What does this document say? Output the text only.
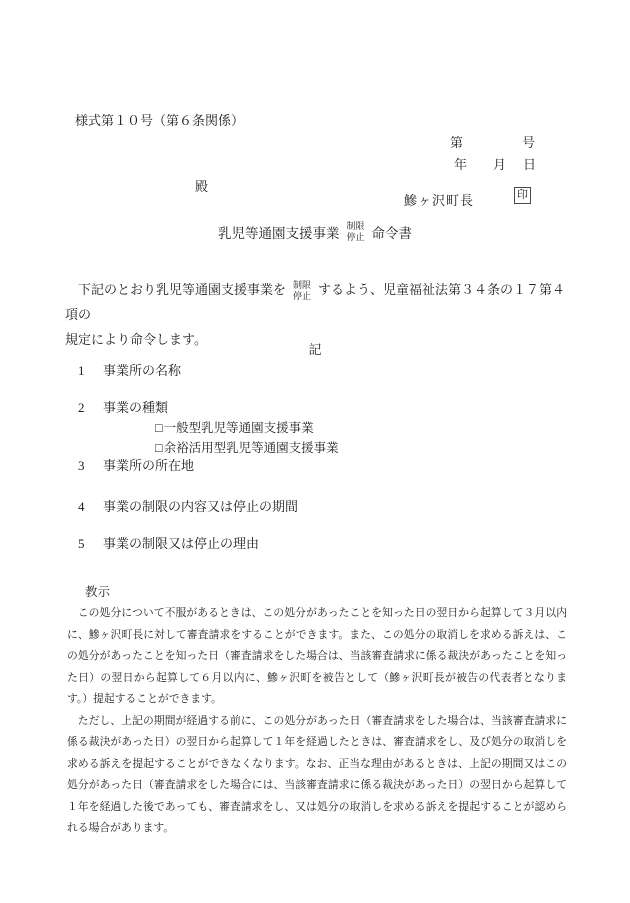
様式第１０号（第６条関係）
第	号
年 月 日
殿
鰺ヶ沢町長	印
乳児等通園支援事業
制限
停止 命令書
下記のとおり乳児等通園支援事業を 制限
停止 するよう、児童福祉法第３４条の１７第４項の
規定により命令します。
記
1 事業所の名称
2 事業の種類
□一般型乳児等通園支援事業
□余裕活用型乳児等通園支援事業
3 事業所の所在地
4 事業の制限の内容又は停止の期間
5 事業の制限又は停止の理由
教示

この処分について不服があるときは、この処分があったことを知った日の翌日から起算して３月以内に、鰺ヶ沢町長に対して審査請求をすることができます。また、この処分の取消しを求める訴えは、この処分があったことを知った日（審査請求をした場合は、当該審査請求に係る裁決があったことを知った日）の翌日から起算して６月以内に、鰺ヶ沢町を被告として（鰺ヶ沢町長が被告の代表者となります。）提起することができます。

ただし、上記の期間が経過する前に、この処分があった日（審査請求をした場合は、当該審査請求に係る裁決があった日）の翌日から起算して１年を経過したときは、審査請求をし、及び処分の取消しを求める訴えを提起することができなくなります。なお、正当な理由があるときは、上記の期間又はこの処分があった日（審査請求をした場合には、当該審査請求に係る裁決があった日）の翌日から起算して１年を経過した後であっても、審査請求をし、又は処分の取消しを求める訴えを提起することが認められる場合があります。
